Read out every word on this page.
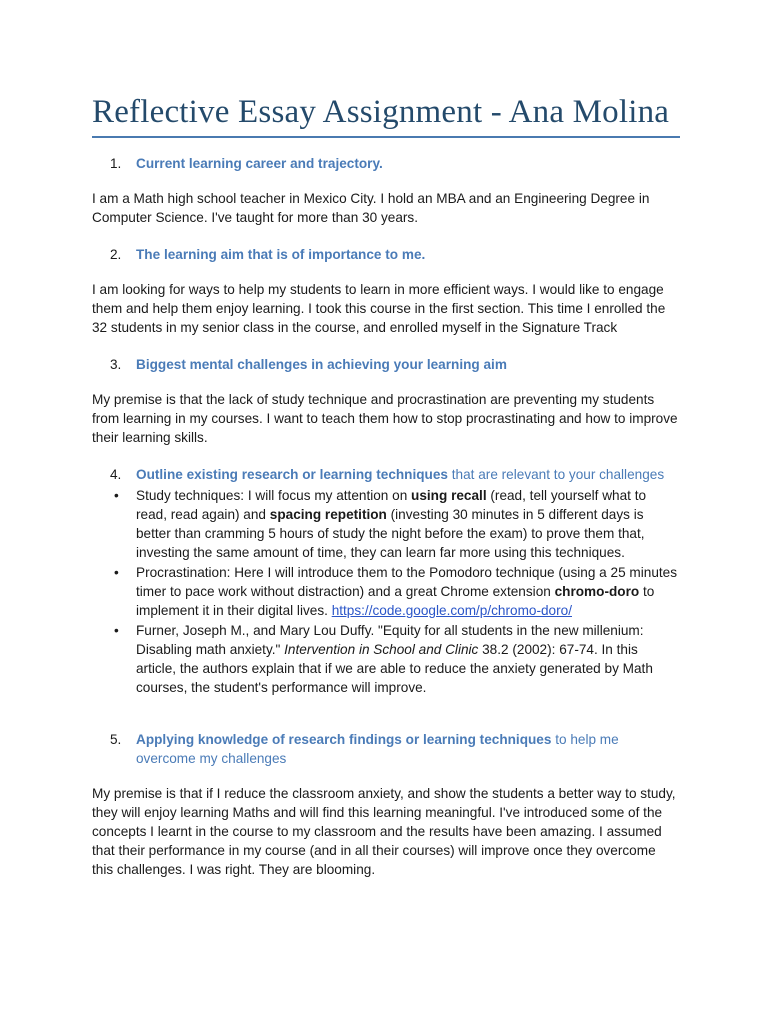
Reflective Essay Assignment - Ana Molina
1.	Current learning career and trajectory.

I am a Math high school teacher in Mexico City. I hold an MBA and an Engineering Degree in Computer Science. I've taught for more than 30 years.

2.	The learning aim that is of importance to me.

I am looking for ways to help my students to learn in more efficient ways. I would like to engage them and help them enjoy learning. I took this course in the first section. This time I enrolled the 32 students in my senior class in the course, and enrolled myself in the Signature Track

3.	Biggest mental challenges in achieving your learning aim

My premise is that the lack of study technique and procrastination are preventing my students from learning in my courses. I want to teach them how to stop procrastinating and how to improve their learning skills.

4.	Outline existing research or learning techniques that are relevant to your challenges
• Study techniques: I will focus my attention on using recall (read, tell yourself what to read, read again) and spacing repetition (investing 30 minutes in 5 different days is better than cramming 5 hours of study the night before the exam) to prove them that, investing the same amount of time, they can learn far more using this techniques.
• Procrastination: Here I will introduce them to the Pomodoro technique (using a 25 minutes timer to pace work without distraction) and a great Chrome extension chromo-doro to implement it in their digital lives. https://code.google.com/p/chromo-doro/
• Furner, Joseph M., and Mary Lou Duffy. "Equity for all students in the new millenium: Disabling math anxiety." Intervention in School and Clinic 38.2 (2002): 67-74. In this article, the authors explain that if we are able to reduce the anxiety generated by Math courses, the student's performance will improve.
5.	Applying knowledge of research findings or learning techniques to help me overcome my challenges

My premise is that if I reduce the classroom anxiety, and show the students a better way to study, they will enjoy learning Maths and will find this learning meaningful. I've introduced some of the concepts I learnt in the course to my classroom and the results have been amazing. I assumed that their performance in my course (and in all their courses) will improve once they overcome this challenges. I was right. They are blooming.
